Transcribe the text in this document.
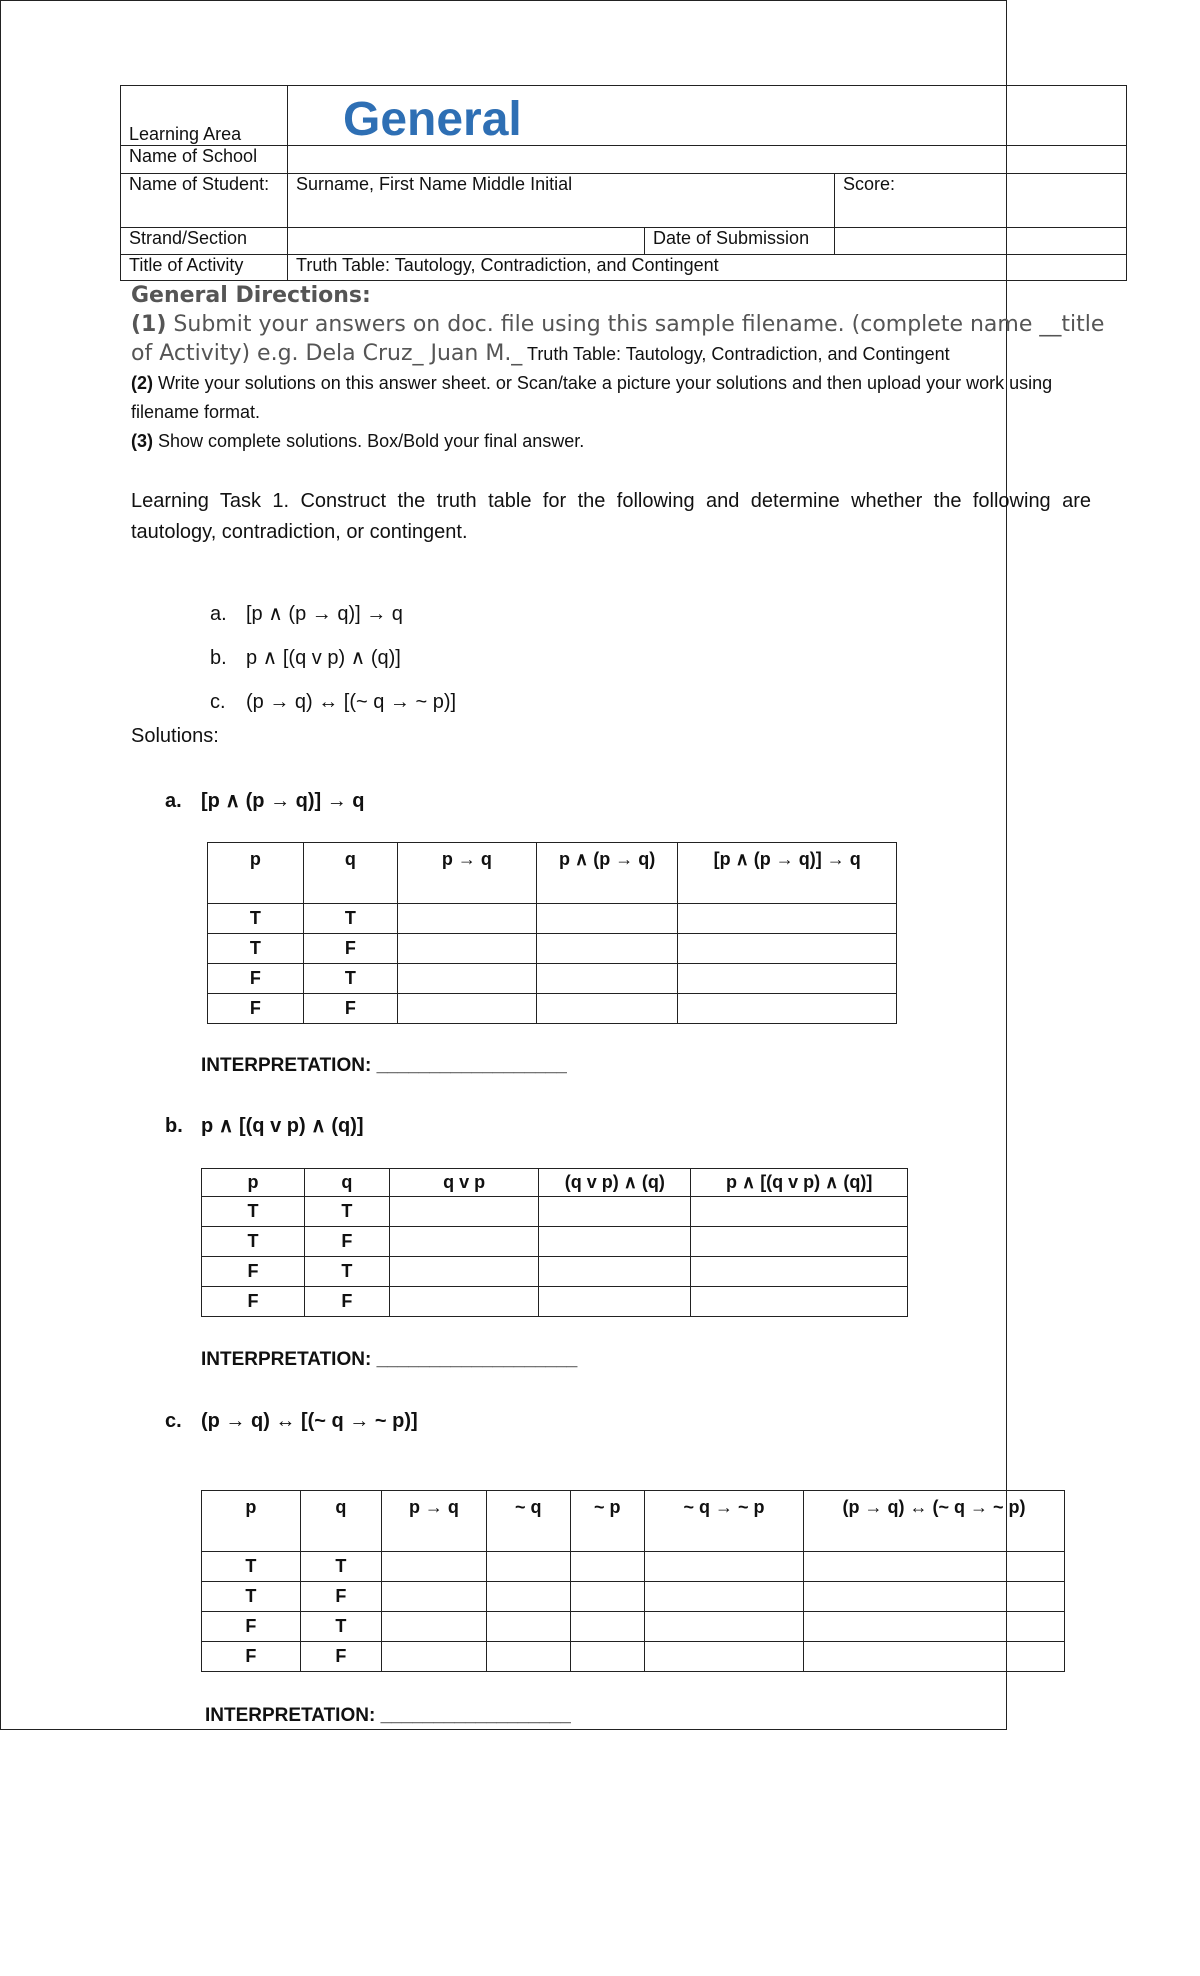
Learning Area	General		
Name of School			
Name of Student:	Surname, First Name Middle Initial		Score:
Strand/Section		Date of Submission	
Title of Activity	Truth Table: Tautology, Contradiction, and Contingent		
General Directions:
(1) Submit your answers on doc. file using this sample filename. (complete name __title of Activity) e.g. Dela Cruz_ Juan M._ Truth Table: Tautology, Contradiction, and Contingent
(2) Write your solutions on this answer sheet. or Scan/take a picture your solutions and then upload your work using filename format.
(3) Show complete solutions. Box/Bold your final answer.
Learning Task 1. Construct the truth table for the following and determine whether the following are tautology, contradiction, or contingent.
a. [p ∧ (p → q)] → q
b. p ∧ [(q v p) ∧ (q)]
c. (p → q) ↔ [(~ q → ~ p)]
Solutions:
a. [p ∧ (p → q)] → q
p	q	p → q	p ∧ (p → q)	[p ∧ (p → q)] → q
T	T			
T	F			
F	T			
F	F			
INTERPRETATION: __________________
b. p ∧ [(q v p) ∧ (q)]
p	q	q v p	(q v p) ∧ (q)	p ∧ [(q v p) ∧ (q)]
T	T			
T	F			
F	T			
F	F			
INTERPRETATION: ___________________
c. (p → q) ↔ [(~ q → ~ p)]
p	q	p → q	~ q	~ p	~ q → ~ p	(p → q) ↔ (~ q → ~ p)
T	T					
T	F					
F	T					
F	F					
INTERPRETATION: __________________
